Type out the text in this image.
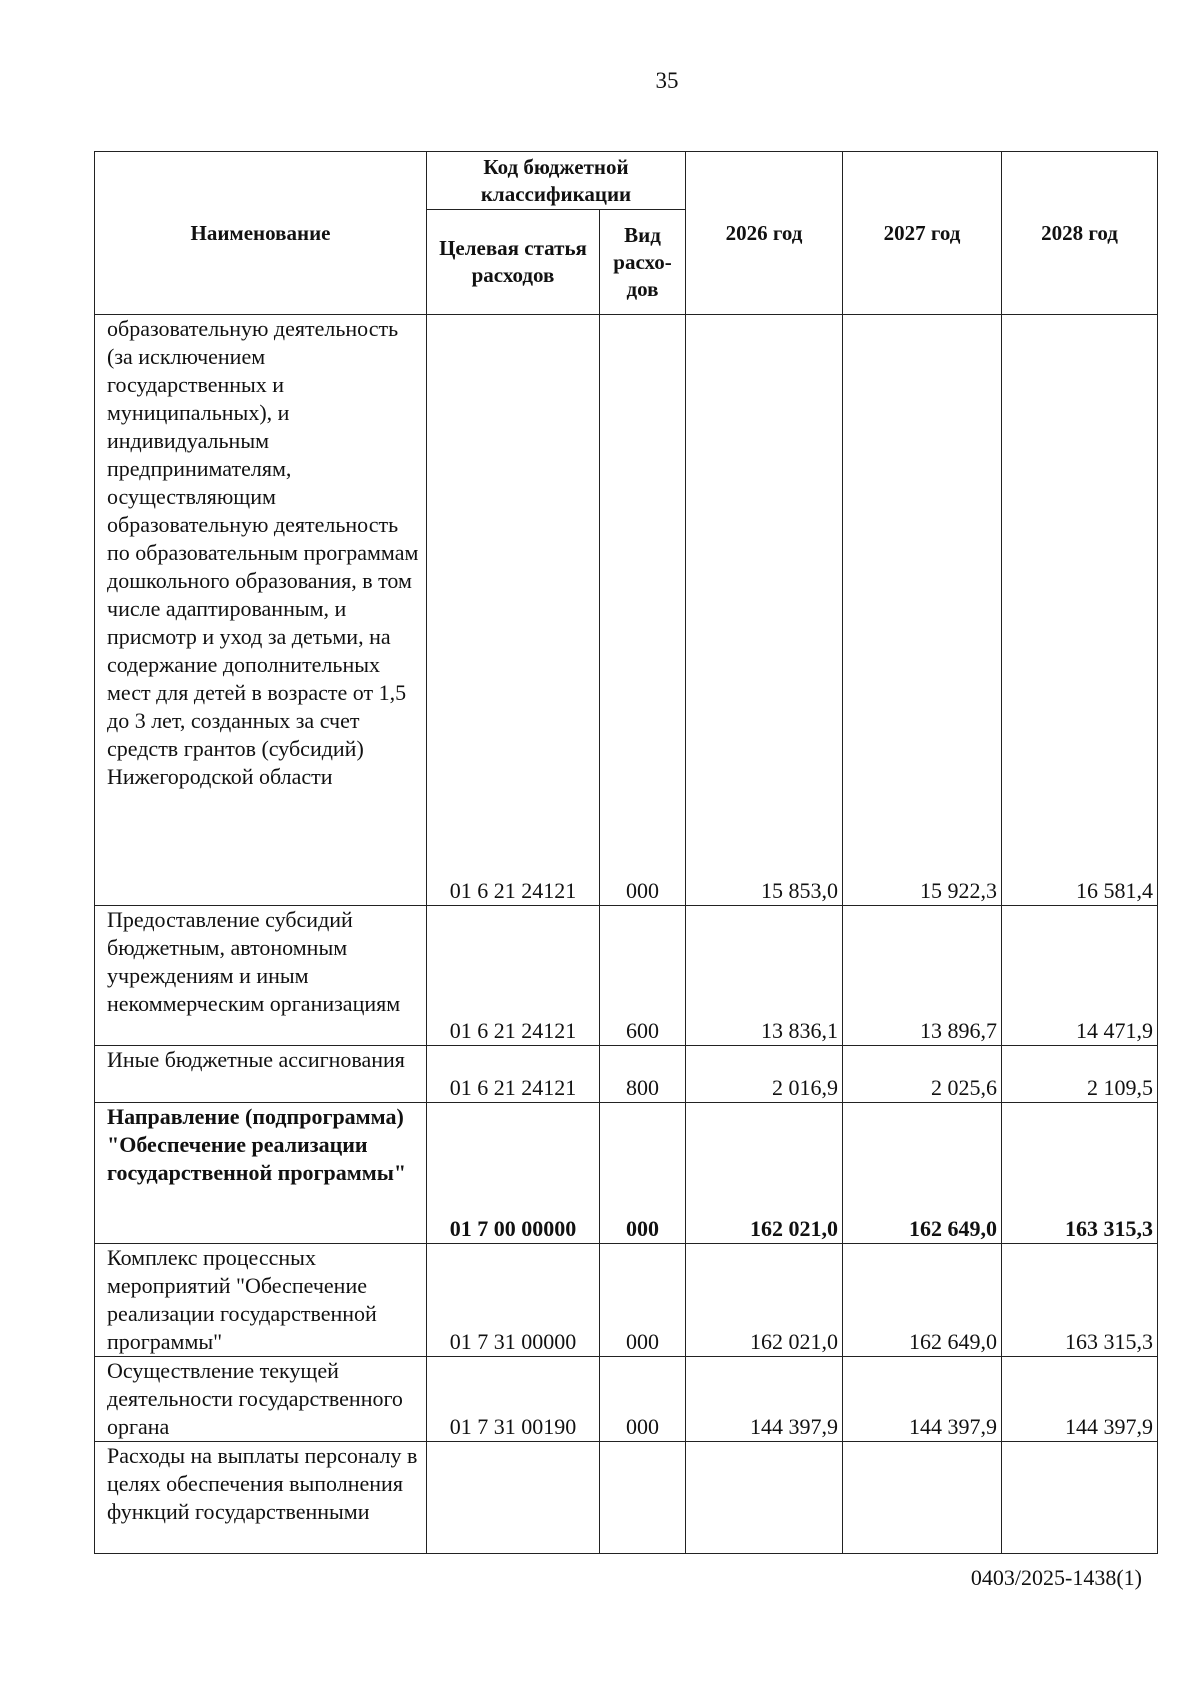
35
Наименование	Код бюджетной классификации		2026 год	2027 год	2028 год
	Целевая статья расходов	Вид расхо-дов			
образовательную деятельность (за исключением государственных и муниципальных), и индивидуальным предпринимателям, осуществляющим образовательную деятельность по образовательным программам дошкольного образования, в том числе адаптированным, и присмотр и уход за детьми, на содержание дополнительных мест для детей в возрасте от 1,5 до 3 лет, созданных за счет средств грантов (субсидий) Нижегородской области	01 6 21 24121	000	15 853,0	15 922,3	16 581,4
Предоставление субсидий бюджетным, автономным учреждениям и иным некоммерческим организациям	01 6 21 24121	600	13 836,1	13 896,7	14 471,9
Иные бюджетные ассигнования	01 6 21 24121	800	2 016,9	2 025,6	2 109,5
Направление (подпрограмма) "Обеспечение реализации государственной программы"	01 7 00 00000	000	162 021,0	162 649,0	163 315,3
Комплекс процессных мероприятий "Обеспечение реализации государственной программы"	01 7 31 00000	000	162 021,0	162 649,0	163 315,3
Осуществление текущей деятельности государственного органа	01 7 31 00190	000	144 397,9	144 397,9	144 397,9
Расходы на выплаты персоналу в целях обеспечения выполнения функций государственными					
0403/2025-1438(1)
